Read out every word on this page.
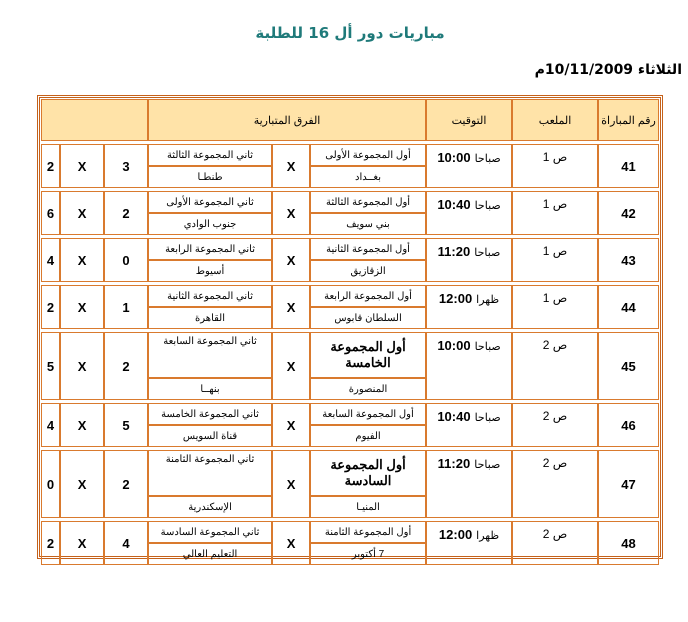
مباريات دور أل 16 للطلبة
الثلاثاء 10/11/2009م
رقم المباراة	الملعب	التوقيت	الفرق المتبارية					

41	ص 1	صباحا10:00	أول المجموعة الأولى	X	ثاني المجموعة الثالثة	3	X	2
			بغــداد		طنطـا			

42	ص 1	صباحا10:40	أول المجموعة الثالثة	X	ثاني المجموعة الأولى	2	X	6
			بني سويف		جنوب الوادي			

43	ص 1	صباحا11:20	أول المجموعة الثانية	X	ثاني المجموعة الرابعة	0	X	4
			الزقازيق		أسيوط			

44	ص 1	ظهرا12:00	أول المجموعة الرابعة	X	ثاني المجموعة الثانية	1	X	2
			السلطان قابوس		القاهرة			

45	ص 2	صباحا10:00	أول المجموعة الخامسة	X	ثاني المجموعة السابعة	2	X	5
			المنصورة		بنهــا			

46	ص 2	صباحا10:40	أول المجموعة السابعة	X	ثاني المجموعة الخامسة	5	X	4
			الفيوم		قناة السويس			

47	ص 2	صباحا11:20	أول المجموعة السادسة	X	ثاني المجموعة الثامنة	2	X	0
			المنيـا		الإسكندرية			

48	ص 2	ظهرا12:00	أول المجموعة الثامنة	X	ثاني المجموعة السادسة	4	X	2
			7 أكتوبر		التعليم العالي			
